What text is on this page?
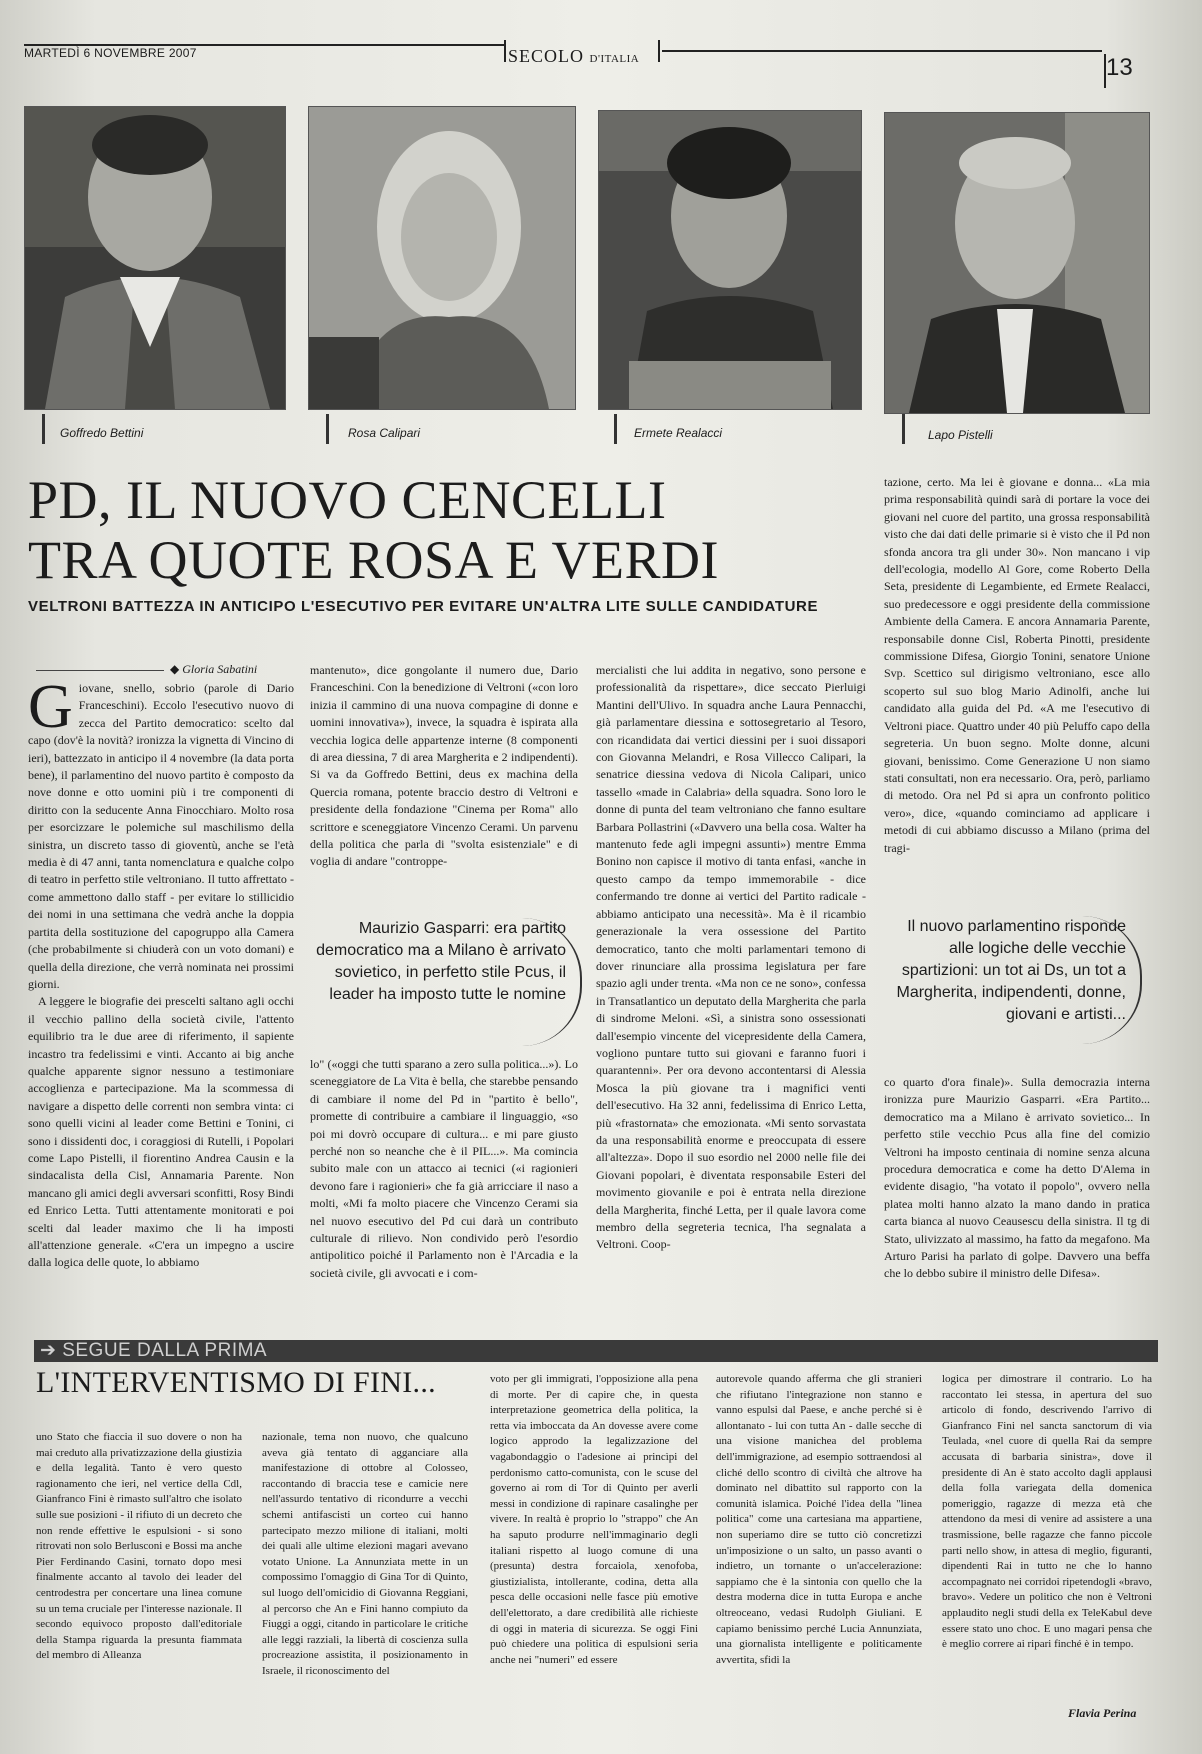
MARTEDÌ 6 NOVEMBRE 2007	SECOLO D'ITALIA	13
Goffredo Bettini	Rosa Calipari	Ermete Realacci	Lapo Pistelli
PD, IL NUOVO CENCELLI
TRA QUOTE ROSA E VERDI
VELTRONI BATTEZZA IN ANTICIPO L'ESECUTIVO PER EVITARE UN'ALTRA LITE SULLE CANDIDATURE
◆ Gloria Sabatini
G iovane, snello, sobrio (parole di Dario Franceschini). Eccolo l'esecutivo nuovo di zecca del Partito democratico: scelto dal capo (dov'è la novità? ironizza la vignetta di Vincino di ieri), battezzato in anticipo il 4 novembre (la data porta bene), il parlamentino del nuovo partito è composto da nove donne e otto uomini più i tre componenti di diritto con la seducente Anna Finocchiaro. Molto rosa per esorcizzare le polemiche sul maschilismo della sinistra, un discreto tasso di gioventù, anche se l'età media è di 47 anni, tanta nomenclatura e qualche colpo di teatro in perfetto stile veltroniano. Il tutto affrettato - come ammettono dallo staff - per evitare lo stillicidio dei nomi in una settimana che vedrà anche la doppia partita della sostituzione del capogruppo alla Camera (che probabilmente si chiuderà con un voto domani) e quella della direzione, che verrà nominata nei prossimi giorni.

A leggere le biografie dei prescelti saltano agli occhi il vecchio pallino della società civile, l'attento equilibrio tra le due aree di riferimento, il sapiente incastro tra fedelissimi e vinti. Accanto ai big anche qualche apparente signor nessuno a testimoniare accoglienza e partecipazione. Ma la scommessa di navigare a dispetto delle correnti non sembra vinta: ci sono quelli vicini al leader come Bettini e Tonini, ci sono i dissidenti doc, i coraggiosi di Rutelli, i Popolari come Lapo Pistelli, il fiorentino Andrea Causin e la sindacalista della Cisl, Annamaria Parente. Non mancano gli amici degli avversari sconfitti, Rosy Bindi ed Enrico Letta. Tutti attentamente monitorati e poi scelti dal leader maximo che li ha imposti all'attenzione generale. «C'era un impegno a uscire dalla logica delle quote, lo abbiamo

mantenuto», dice gongolante il numero due, Dario Franceschini. Con la benedizione di Veltroni («con loro inizia il cammino di una nuova compagine di donne e uomini innovativa»), invece, la squadra è ispirata alla vecchia logica delle appartenze interne (8 componenti di area diessina, 7 di area Margherita e 2 indipendenti). Si va da Goffredo Bettini, deus ex machina della Quercia romana, potente braccio destro di Veltroni e presidente della fondazione "Cinema per Roma" allo scrittore e sceneggiatore Vincenzo Cerami. Un parvenu della politica che parla di "svolta esistenziale" e di voglia di andare "controppe-
Maurizio Gasparri: era partito democratico ma a Milano è arrivato sovietico, in perfetto stile Pcus, il leader ha imposto tutte le nomine
lo" («oggi che tutti sparano a zero sulla politica...»). Lo sceneggiatore de La Vita è bella, che starebbe pensando di cambiare il nome del Pd in "partito è bello", promette di contribuire a cambiare il linguaggio, «so poi mi dovrò occupare di cultura... e mi pare giusto perché non so neanche che è il PIL...». Ma comincia subito male con un attacco ai tecnici («i ragionieri devono fare i ragionieri» che fa già arricciare il naso a molti, «Mi fa molto piacere che Vincenzo Cerami sia nel nuovo esecutivo del Pd cui darà un contributo culturale di rilievo. Non condivido però l'esordio antipolitico poiché il Parlamento non è l'Arcadia e la società civile, gli avvocati e i com-
mercialisti che lui addita in negativo, sono persone e professionalità da rispettare», dice seccato Pierluigi Mantini dell'Ulivo. In squadra anche Laura Pennacchi, già parlamentare diessina e sottosegretario al Tesoro, con ricandidata dai vertici diessini per i suoi dissapori con Giovanna Melandri, e Rosa Villecco Calipari, la senatrice diessina vedova di Nicola Calipari, unico tassello «made in Calabria» della squadra. Sono loro le donne di punta del team veltroniano che fanno esultare Barbara Pollastrini («Davvero una bella cosa. Walter ha mantenuto fede agli impegni assunti») mentre Emma Bonino non capisce il motivo di tanta enfasi, «anche in questo campo da tempo immemorabile - dice confermando tre donne ai vertici del Partito radicale - abbiamo anticipato una necessità». Ma è il ricambio generazionale la vera ossessione del Partito democratico, tanto che molti parlamentari temono di dover rinunciare alla prossima legislatura per fare spazio agli under trenta. «Ma non ce ne sono», confessa in Transatlantico un deputato della Margherita che parla di sindrome Meloni. «Sì, a sinistra sono ossessionati dall'esempio vincente del vicepresidente della Camera, vogliono puntare tutto sui giovani e faranno fuori i quarantenni». Per ora devono accontentarsi di Alessia Mosca la più giovane tra i magnifici venti dell'esecutivo. Ha 32 anni, fedelissima di Enrico Letta, più «frastornata» che emozionata. «Mi sento sorvastata da una responsabilità enorme e preoccupata di essere all'altezza». Dopo il suo esordio nel 2000 nelle file dei Giovani popolari, è diventata responsabile Esteri del movimento giovanile e poi è entrata nella direzione della Margherita, finché Letta, per il quale lavora come membro della segreteria tecnica, l'ha segnalata a Veltroni. Coop-
tazione, certo. Ma lei è giovane e donna... «La mia prima responsabilità quindi sarà di portare la voce dei giovani nel cuore del partito, una grossa responsabilità visto che dai dati delle primarie si è visto che il Pd non sfonda ancora tra gli under 30». Non mancano i vip dell'ecologia, modello Al Gore, come Roberto Della Seta, presidente di Legambiente, ed Ermete Realacci, suo predecessore e oggi presidente della commissione Ambiente della Camera. E ancora Annamaria Parente, responsabile donne Cisl, Roberta Pinotti, presidente commissione Difesa, Giorgio Tonini, senatore Unione Svp. Scettico sul dirigismo veltroniano, esce allo scoperto sul suo blog Mario Adinolfi, anche lui candidato alla guida del Pd. «A me l'esecutivo di Veltroni piace. Quattro under 40 più Peluffo capo della segreteria. Un buon segno. Molte donne, alcuni giovani, benissimo. Come Generazione U non siamo stati consultati, non era necessario. Ora, però, parliamo di metodo. Ora nel Pd si apra un confronto politico vero», dice, «quando cominciamo ad applicare i metodi di cui abbiamo discusso a Milano (prima del tragi-
Il nuovo parlamentino risponde alle logiche delle vecchie spartizioni: un tot ai Ds, un tot a Margherita, indipendenti, donne, giovani e artisti...
co quarto d'ora finale)». Sulla democrazia interna ironizza pure Maurizio Gasparri. «Era Partito... democratico ma a Milano è arrivato sovietico... In perfetto stile vecchio Pcus alla fine del comizio Veltroni ha imposto centinaia di nomine senza alcuna procedura democratica e come ha detto D'Alema in evidente disagio, "ha votato il popolo", ovvero nella platea molti hanno alzato la mano dando in pratica carta bianca al nuovo Ceausescu della sinistra. Il tg di Stato, ulivizzato al massimo, ha fatto da megafono. Ma Arturo Parisi ha parlato di golpe. Davvero una beffa che lo debbo subire il ministro delle Difesa».
➔ SEGUE DALLA PRIMA
L'INTERVENTISMO DI FINI...
uno Stato che fiaccia il suo dovere o non ha mai creduto alla privatizzazione della giustizia e della legalità. Tanto è vero questo ragionamento che ieri, nel vertice della Cdl, Gianfranco Fini è rimasto sull'altro che isolato sulle sue posizioni - il rifiuto di un decreto che non rende effettive le espulsioni - si sono ritrovati non solo Berlusconi e Bossi ma anche Pier Ferdinando Casini, tornato dopo mesi finalmente accanto al tavolo dei leader del centrodestra per concertare una linea comune su un tema cruciale per l'interesse nazionale. Il secondo equivoco proposto dall'editoriale della Stampa riguarda la presunta fiammata del membro di Alleanza
nazionale, tema non nuovo, che qualcuno aveva già tentato di agganciare alla manifestazione di ottobre al Colosseo, raccontando di braccia tese e camicie nere nell'assurdo tentativo di ricondurre a vecchi schemi antifascisti un corteo cui hanno partecipato mezzo milione di italiani, molti dei quali alle ultime elezioni magari avevano votato Unione. La Annunziata mette in un compossimo l'omaggio di Gina Tor di Quinto, sul luogo dell'omicidio di Giovanna Reggiani, al percorso che An e Fini hanno compiuto da Fiuggi a oggi, citando in particolare le critiche alle leggi razziali, la libertà di coscienza sulla procreazione assistita, il posizionamento in Israele, il riconoscimento del
voto per gli immigrati, l'opposizione alla pena di morte. Per di capire che, in questa interpretazione geometrica della politica, la retta via imboccata da An dovesse avere come logico approdo la legalizzazione del vagabondaggio o l'adesione ai princìpi del perdonismo catto-comunista, con le scuse del governo ai rom di Tor di Quinto per averli messi in condizione di rapinare casalinghe per vivere. In realtà è proprio lo "strappo" che An ha saputo produrre nell'immaginario degli italiani rispetto al luogo comune di una (presunta) destra forcaiola, xenofoba, giustizialista, intollerante, codina, detta alla pesca delle occasioni nelle fasce più emotive dell'elettorato, a dare credibilità alle richieste di oggi in materia di sicurezza. Se oggi Fini può chiedere una politica di espulsioni seria anche nei "numeri" ed essere
autorevole quando afferma che gli stranieri che rifiutano l'integrazione non stanno e vanno espulsi dal Paese, e anche perché si è allontanato - lui con tutta An - dalle secche di una visione manichea del problema dell'immigrazione, ad esempio sottraendosi al cliché dello scontro di civiltà che altrove ha dominato nel dibattito sul rapporto con la comunità islamica. Poiché l'idea della "linea politica" come una cartesiana ma appartiene, non superiamo dire se tutto ciò concretizzi un'imposizione o un salto, un passo avanti o indietro, un tornante o un'accelerazione: sappiamo che è la sintonia con quello che la destra moderna dice in tutta Europa e anche oltreoceano, vedasi Rudolph Giuliani. E capiamo benissimo perché Lucia Annunziata, una giornalista intelligente e politicamente avvertita, sfidi la
logica per dimostrare il contrario. Lo ha raccontato lei stessa, in apertura del suo articolo di fondo, descrivendo l'arrivo di Gianfranco Fini nel sancta sanctorum di via Teulada, «nel cuore di quella Rai da sempre accusata di barbaria sinistra», dove il presidente di An è stato accolto dagli applausi della folla variegata della domenica pomeriggio, ragazze di mezza età che attendono da mesi di venire ad assistere a una trasmissione, belle ragazze che fanno piccole parti nello show, in attesa di meglio, figuranti, dipendenti Rai in tutto ne che lo hanno accompagnato nei corridoi ripetendogli «bravo, bravo». Vedere un politico che non è Veltroni applaudito negli studi della ex TeleKabul deve essere stato uno choc. E uno magari pensa che è meglio correre ai ripari finché è in tempo.
Flavia Perina
